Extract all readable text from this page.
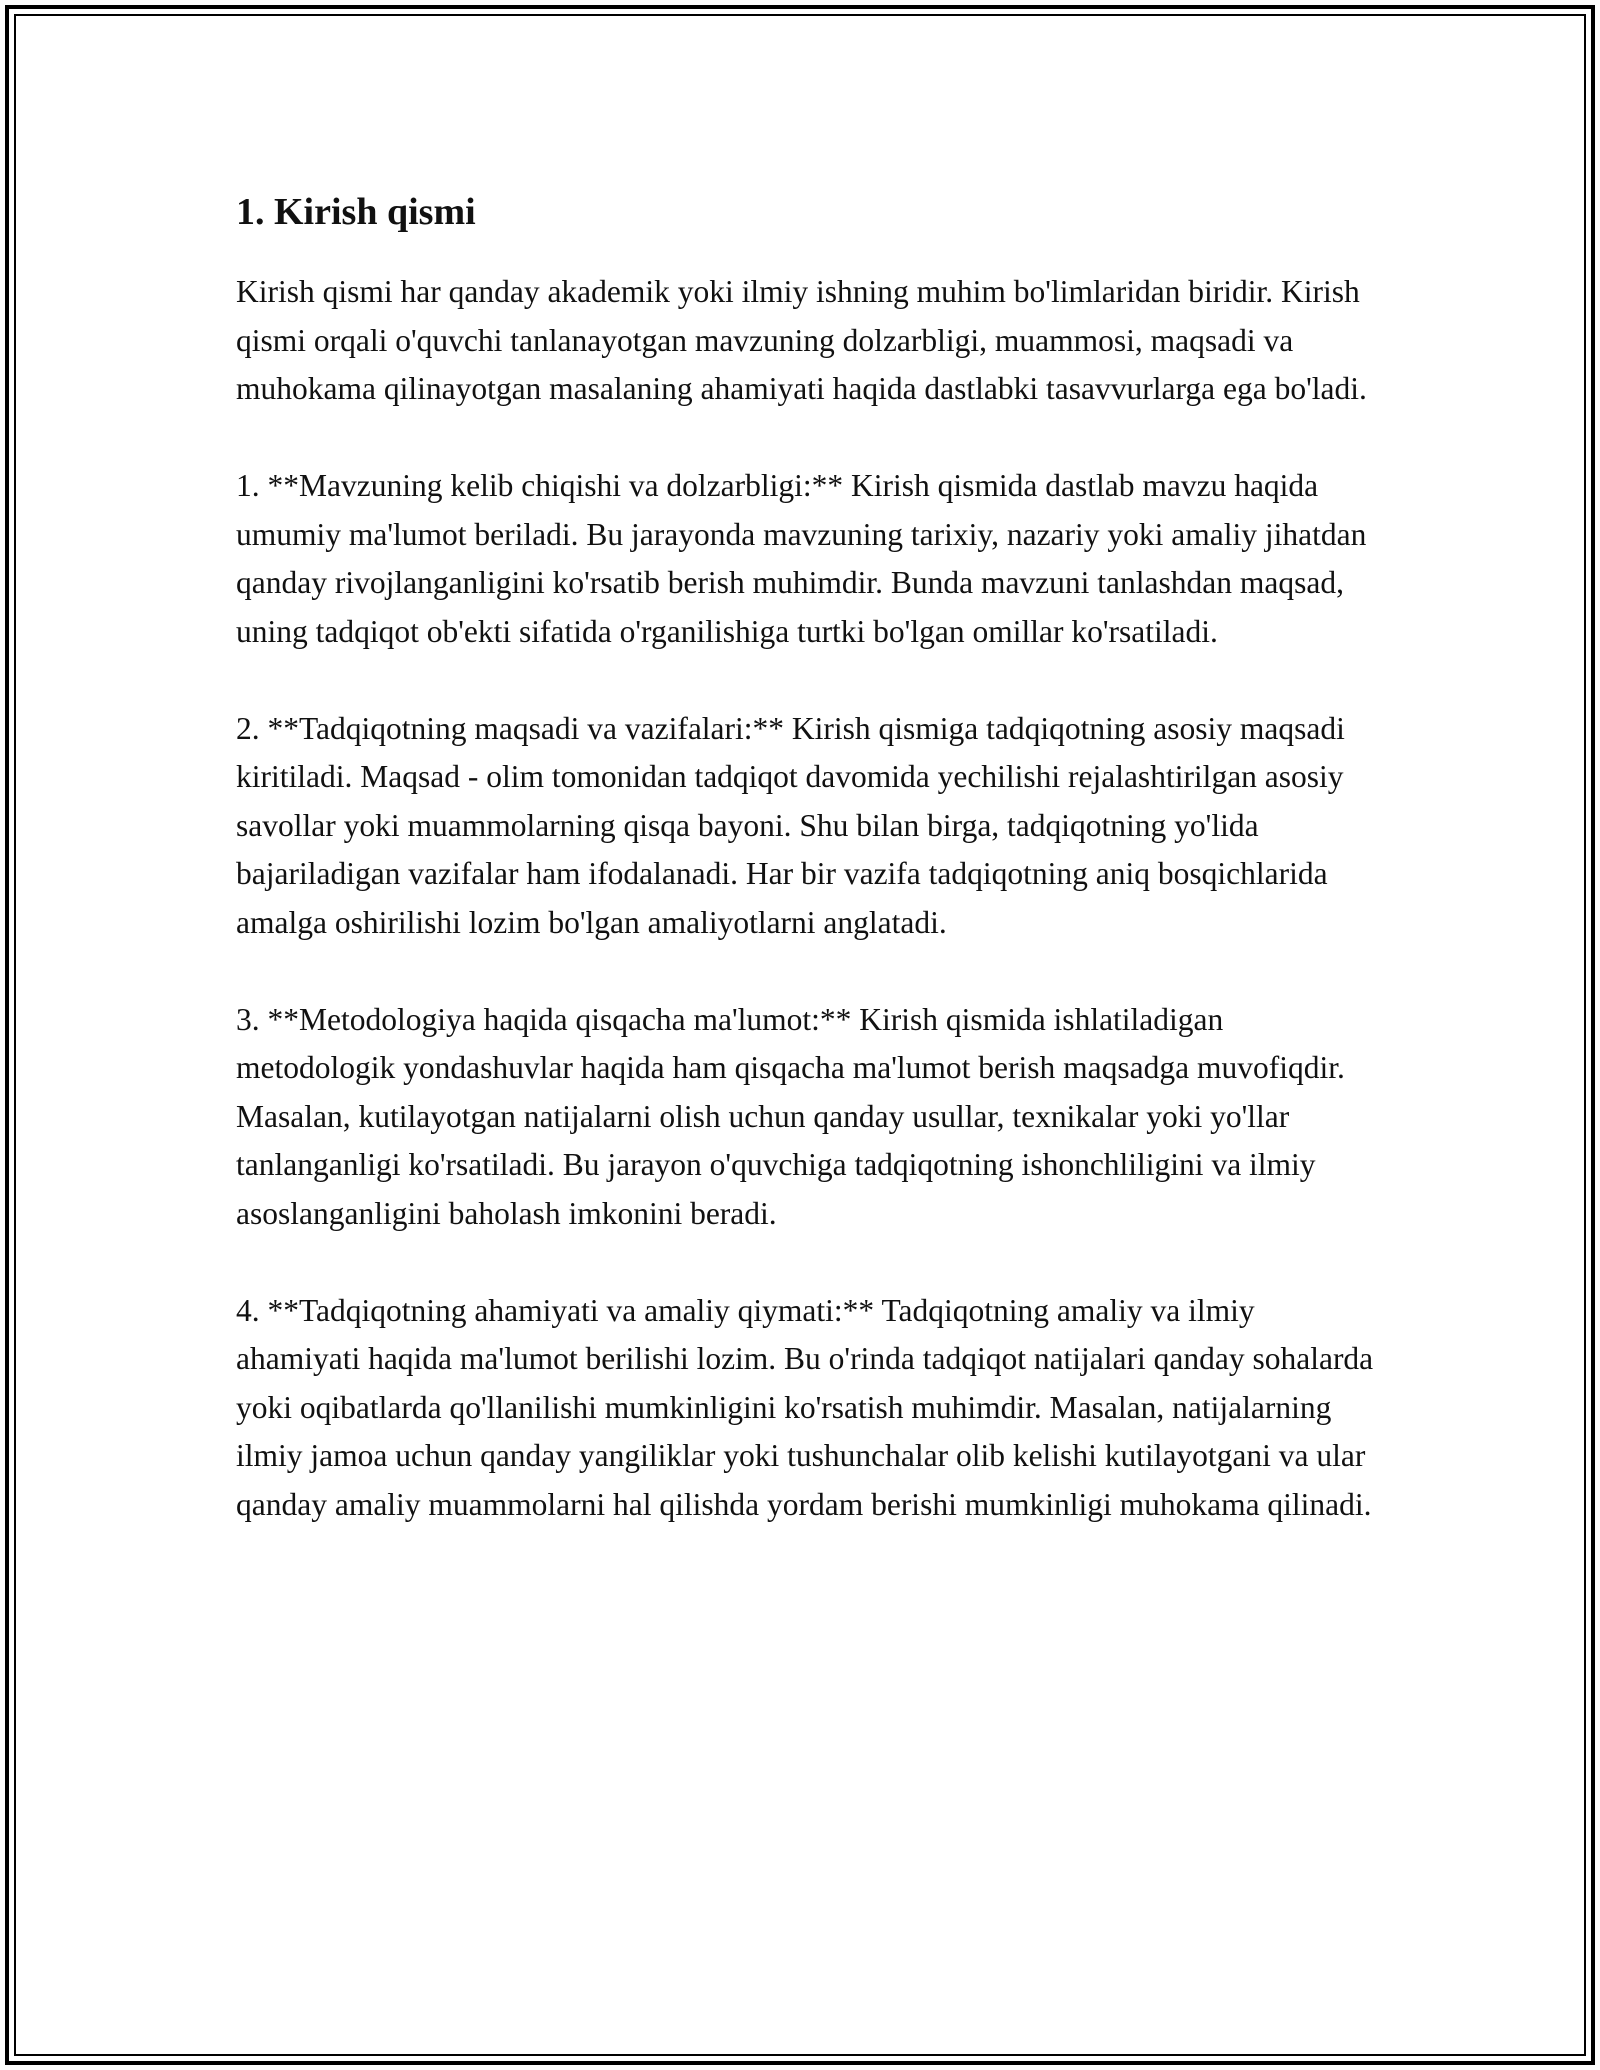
1. Kirish qismi

Kirish qismi har qanday akademik yoki ilmiy ishning muhim bo'limlaridan biridir. Kirish qismi orqali o'quvchi tanlanayotgan mavzuning dolzarbligi, muammosi, maqsadi va muhokama qilinayotgan masalaning ahamiyati haqida dastlabki tasavvurlarga ega bo'ladi.

1. **Mavzuning kelib chiqishi va dolzarbligi:** Kirish qismida dastlab mavzu haqida umumiy ma'lumot beriladi. Bu jarayonda mavzuning tarixiy, nazariy yoki amaliy jihatdan qanday rivojlanganligini ko'rsatib berish muhimdir. Bunda mavzuni tanlashdan maqsad, uning tadqiqot ob'ekti sifatida o'rganilishiga turtki bo'lgan omillar ko'rsatiladi.

2. **Tadqiqotning maqsadi va vazifalari:** Kirish qismiga tadqiqotning asosiy maqsadi kiritiladi. Maqsad - olim tomonidan tadqiqot davomida yechilishi rejalashtirilgan asosiy savollar yoki muammolarning qisqa bayoni. Shu bilan birga, tadqiqotning yo'lida bajariladigan vazifalar ham ifodalanadi. Har bir vazifa tadqiqotning aniq bosqichlarida amalga oshirilishi lozim bo'lgan amaliyotlarni anglatadi.

3. **Metodologiya haqida qisqacha ma'lumot:** Kirish qismida ishlatiladigan metodologik yondashuvlar haqida ham qisqacha ma'lumot berish maqsadga muvofiqdir. Masalan, kutilayotgan natijalarni olish uchun qanday usullar, texnikalar yoki yo'llar tanlanganligi ko'rsatiladi. Bu jarayon o'quvchiga tadqiqotning ishonchliligini va ilmiy asoslanganligini baholash imkonini beradi.

4. **Tadqiqotning ahamiyati va amaliy qiymati:** Tadqiqotning amaliy va ilmiy ahamiyati haqida ma'lumot berilishi lozim. Bu o'rinda tadqiqot natijalari qanday sohalarda yoki oqibatlarda qo'llanilishi mumkinligini ko'rsatish muhimdir. Masalan, natijalarning ilmiy jamoa uchun qanday yangiliklar yoki tushunchalar olib kelishi kutilayotgani va ular qanday amaliy muammolarni hal qilishda yordam berishi mumkinligi muhokama qilinadi.
